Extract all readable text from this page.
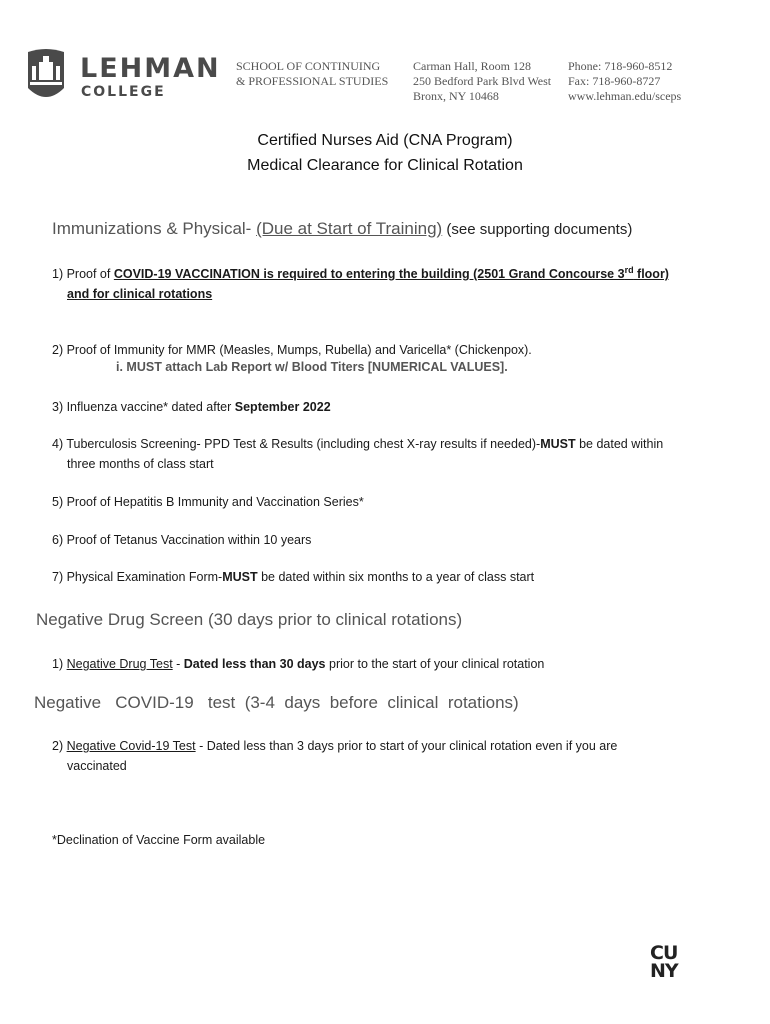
LEHMAN
COLLEGE
SCHOOL OF CONTINUING
& PROFESSIONAL STUDIES
Carman Hall, Room 128
250 Bedford Park Blvd West
Bronx, NY 10468
Phone: 718-960-8512
Fax: 718-960-8727
www.lehman.edu/sceps
Certified Nurses Aid (CNA Program)
Medical Clearance for Clinical Rotation
Immunizations & Physical- (Due at Start of Training) (see supporting documents)
1) Proof of COVID-19 VACCINATION is required to entering the building (2501 Grand Concourse 3rd floor)
and for clinical rotations
2) Proof of Immunity for MMR (Measles, Mumps, Rubella) and Varicella* (Chickenpox).
i. MUST attach Lab Report w/ Blood Titers [NUMERICAL VALUES].
3) Influenza vaccine* dated after September 2022
4) Tuberculosis Screening- PPD Test & Results (including chest X-ray results if needed)-MUST be dated within
three months of class start
5) Proof of Hepatitis B Immunity and Vaccination Series*
6) Proof of Tetanus Vaccination within 10 years
7) Physical Examination Form-MUST be dated within six months to a year of class start
Negative Drug Screen (30 days prior to clinical rotations)
1) Negative Drug Test - Dated less than 30 days prior to the start of your clinical rotation
Negative   COVID-19   test  (3-4  days  before  clinical  rotations)
2) Negative Covid-19 Test - Dated less than 3 days prior to start of your clinical rotation even if you are
vaccinated
*Declination of Vaccine Form available
CU
NY
